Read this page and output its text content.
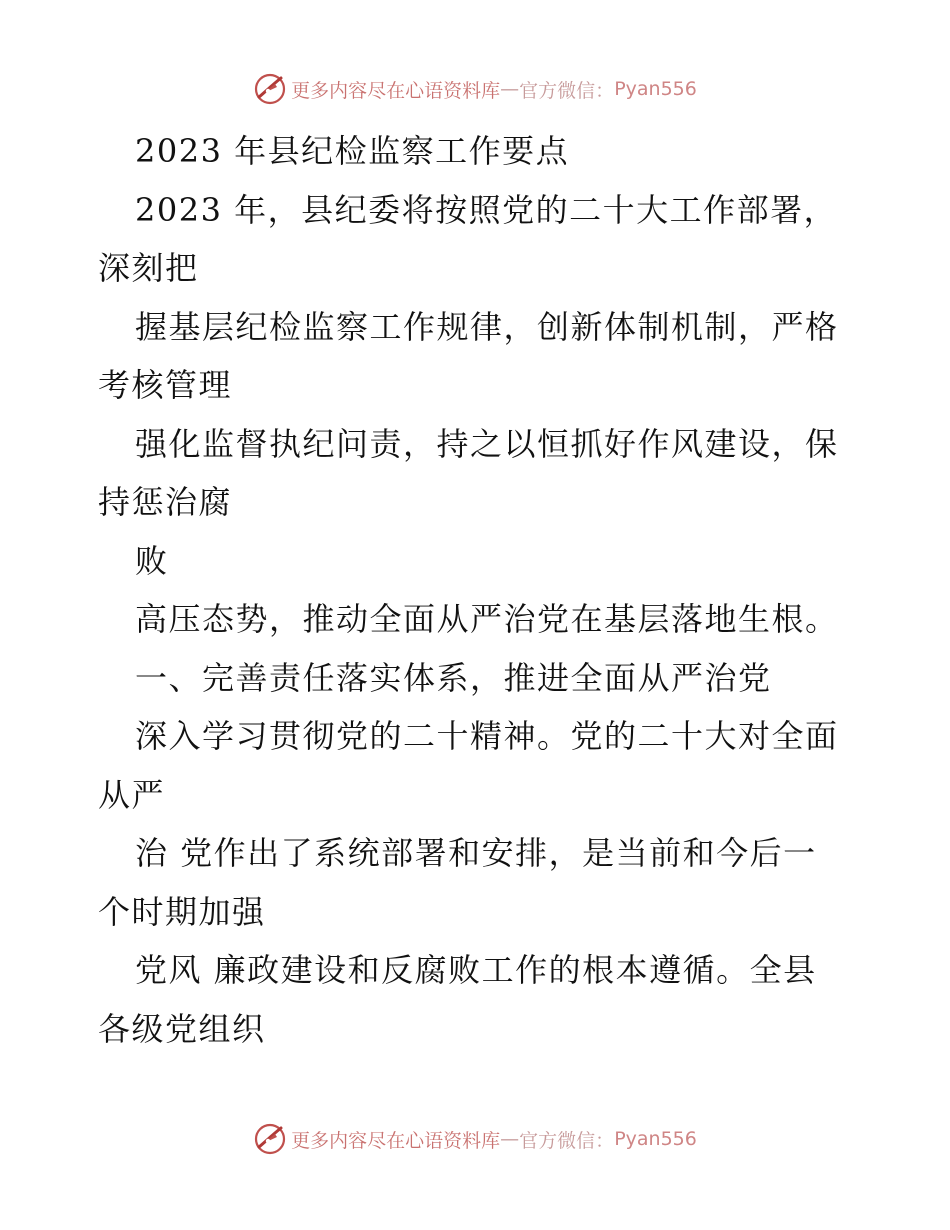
更多内容尽在心语资料库 — 官方微信： Pyan556
2023 年县纪检监察工作要点
2023 年，县纪委将按照党的二十大工作部署，
深刻把
握基层纪检监察工作规律，创新体制机制，严格
考核管理
强化监督执纪问责，持之以恒抓好作风建设，保
持惩治腐
败
高压态势，推动全面从严治党在基层落地生根。
一、完善责任落实体系，推进全面从严治党
深入学习贯彻党的二十精神。党的二十大对全面
从严
治 党作出了系统部署和安排，是当前和今后一
个时期加强
党风 廉政建设和反腐败工作的根本遵循。全县
各级党组织
更多内容尽在心语资料库 — 官方微信： Pyan556
